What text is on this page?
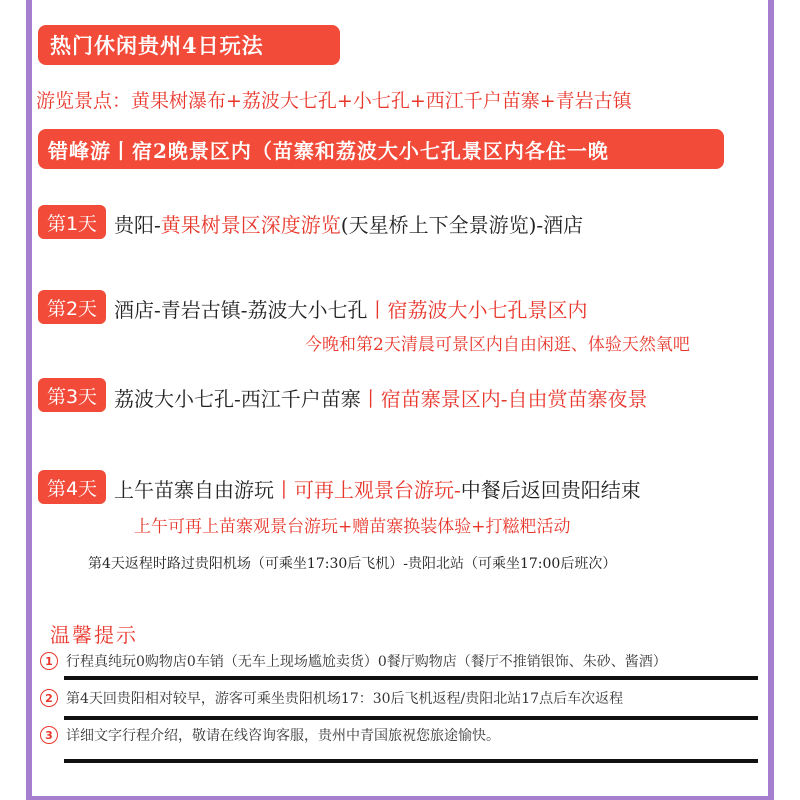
热门休闲贵州4日玩法
游览景点：黄果树瀑布+荔波大七孔+小七孔+西江千户苗寨+青岩古镇
错峰游丨宿2晚景区内（苗寨和荔波大小七孔景区内各住一晚
第1天 贵阳-黄果树景区深度游览(天星桥上下全景游览)-酒店
第2天 酒店-青岩古镇-荔波大小七孔丨宿荔波大小七孔景区内
今晚和第2天清晨可景区内自由闲逛、体验天然氧吧
第3天 荔波大小七孔-西江千户苗寨丨宿苗寨景区内-自由赏苗寨夜景
第4天 上午苗寨自由游玩丨可再上观景台游玩-中餐后返回贵阳结束
上午可再上苗寨观景台游玩+赠苗寨换装体验+打糍粑活动
第4天返程时路过贵阳机场（可乘坐17:30后飞机）-贵阳北站（可乘坐17:00后班次）
温馨提示
1 行程真纯玩0购物店0车销（无车上现场尴尬卖货）0餐厅购物店（餐厅不推销银饰、朱砂、酱酒）
2 第4天回贵阳相对较早，游客可乘坐贵阳机场17：30后飞机返程/贵阳北站17点后车次返程
3 详细文字行程介绍，敬请在线咨询客服，贵州中青国旅祝您旅途愉快。
